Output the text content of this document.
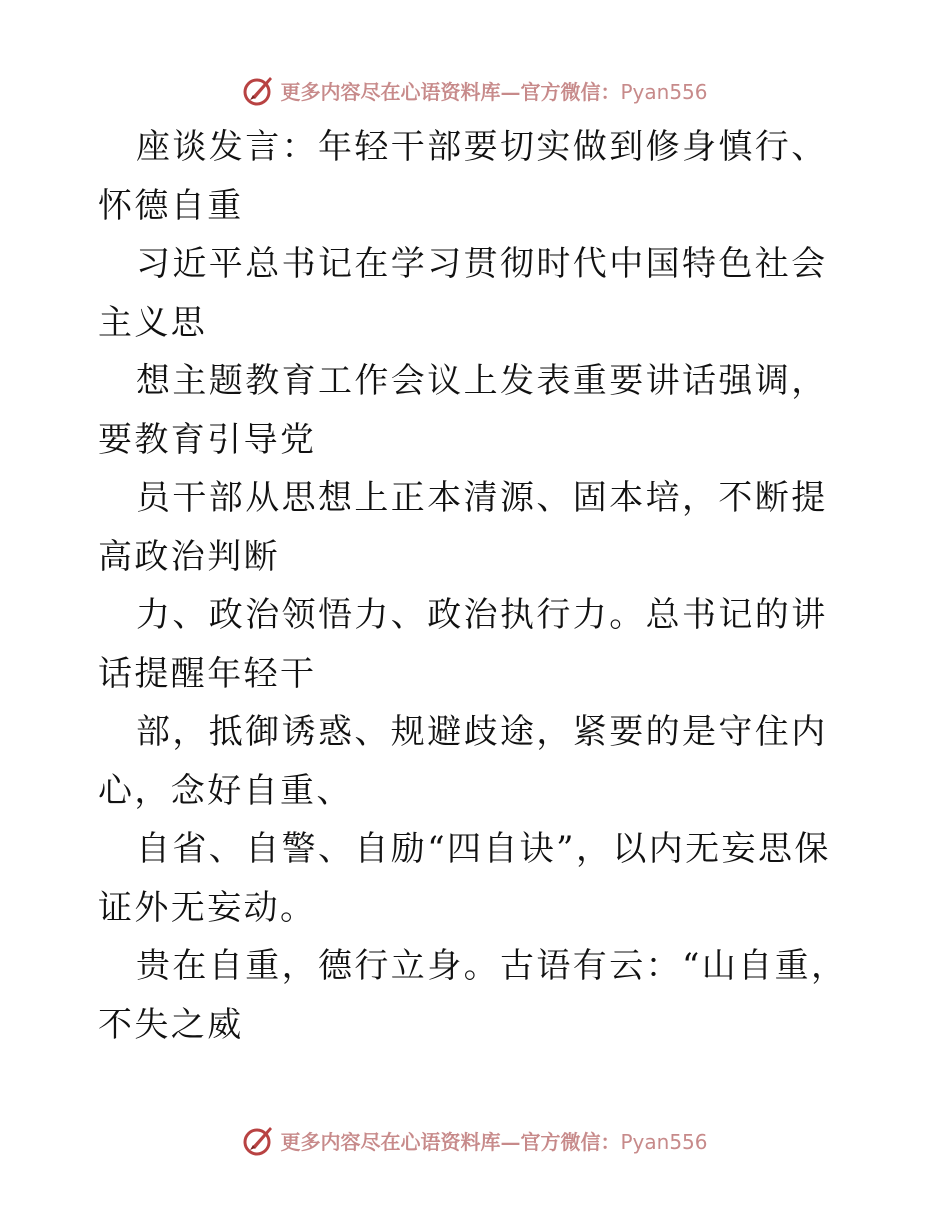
更多内容尽在心语资料库—官方微信：Pyan556

座谈发言：年轻干部要切实做到修身慎行、怀德自重

习近平总书记在学习贯彻时代中国特色社会主义思

想主题教育工作会议上发表重要讲话强调，要教育引导党

员干部从思想上正本清源、固本培，不断提高政治判断

力、政治领悟力、政治执行力。总书记的讲话提醒年轻干

部，抵御诱惑、规避歧途，紧要的是守住内心，念好自重、

自省、自警、自励“四自诀”，以内无妄思保证外无妄动。

贵在自重，德行立身。古语有云：“山自重，不失之威

更多内容尽在心语资料库—官方微信：Pyan556
